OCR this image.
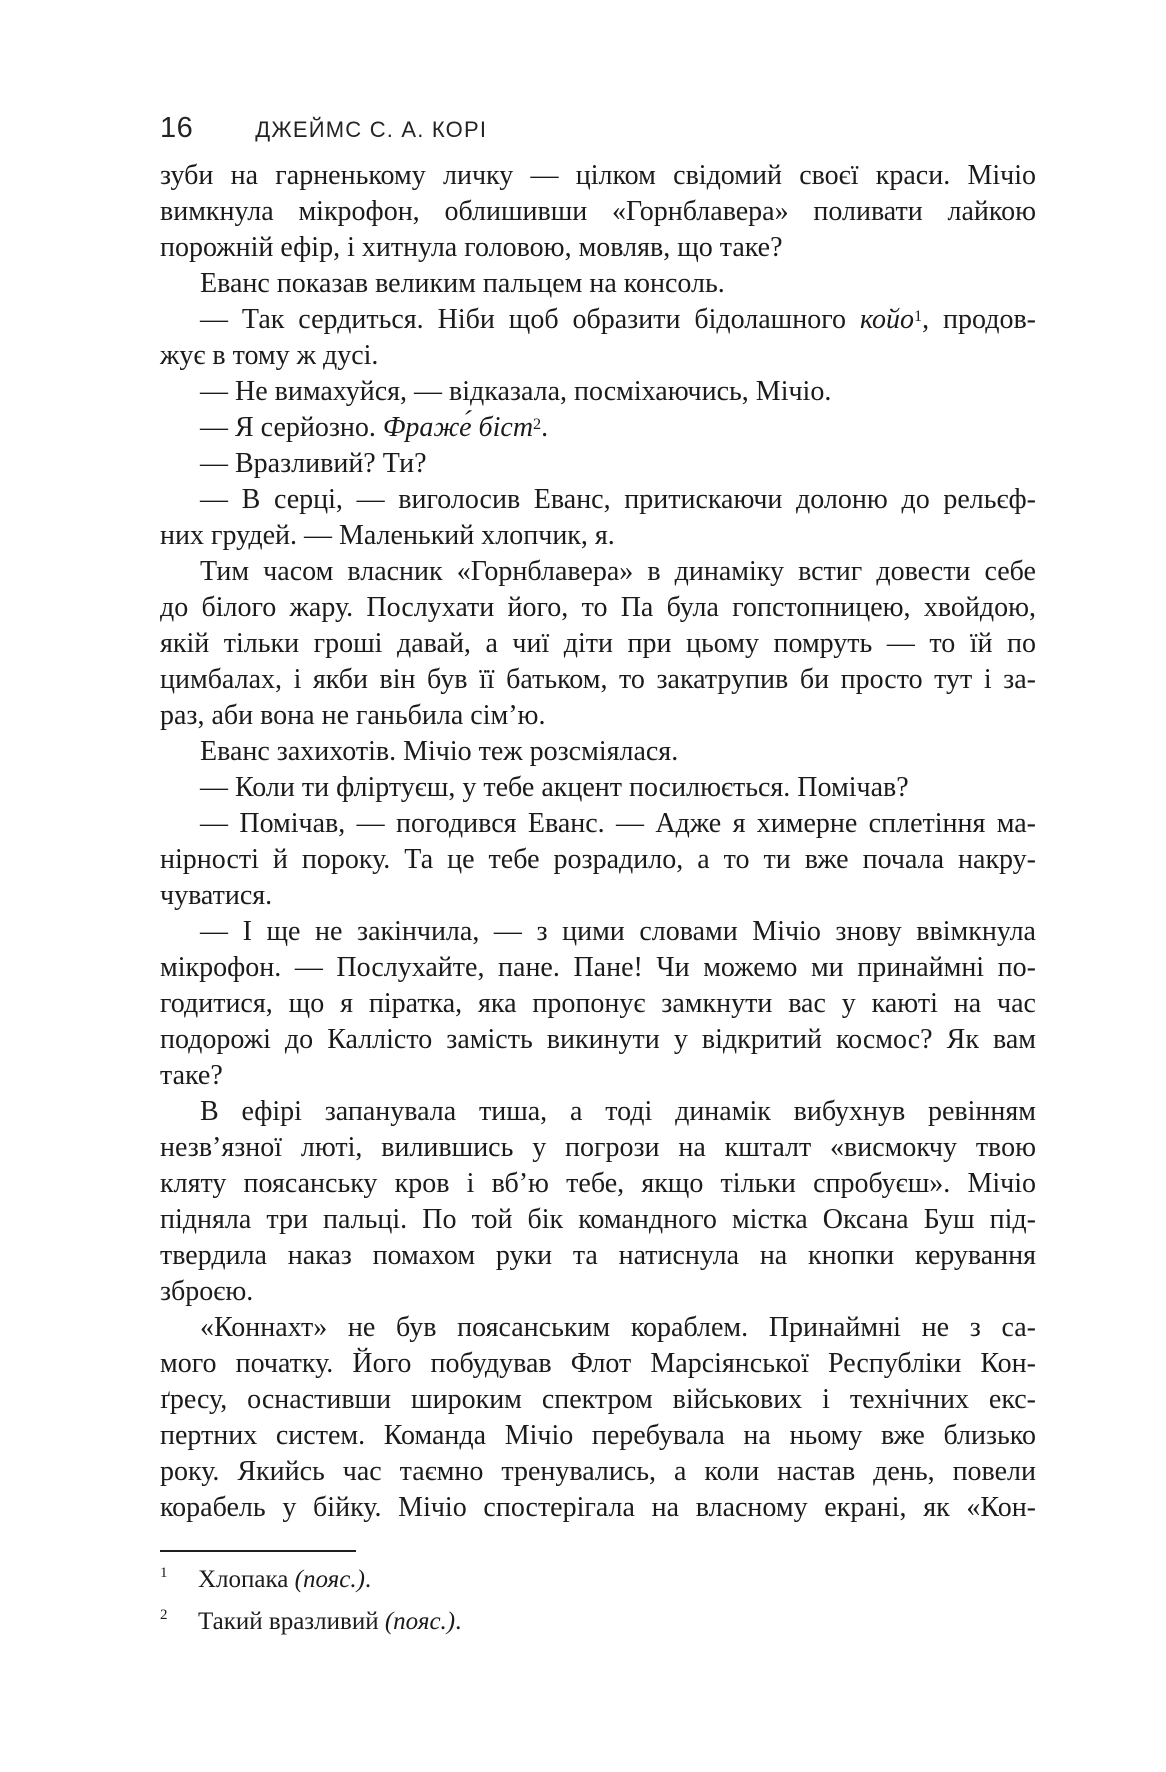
16	ДЖЕЙМС С. А. КОРІ
зуби на гарненькому личку — цілком свідомий своєї краси. Мічіо
вимкнула мікрофон, облишивши «Горнблавера» поливати лайкою
порожній ефір, і хитнула головою, мовляв, що таке?
Еванс показав великим пальцем на консоль.
— Так сердиться. Ніби щоб образити бідолашного койо$^1$, продов-
жує в тому ж дусі.
— Не вимахуйся, — відказала, посміхаючись, Мічіо.
— Я серйозно. Фраже́ біст$^2$.
— Вразливий? Ти?
— В серці, — виголосив Еванс, притискаючи долоню до рельєф-
них грудей. — Маленький хлопчик, я.
Тим часом власник «Горнблавера» в динаміку встиг довести себе
до білого жару. Послухати його, то Па була гопстопницею, хвойдою,
якій тільки гроші давай, а чиї діти при цьому помруть — то їй по
цимбалах, і якби він був її батьком, то закатрупив би просто тут і за-
раз, аби вона не ганьбила сім’ю.
Еванс захихотів. Мічіо теж розсміялася.
— Коли ти фліртуєш, у тебе акцент посилюється. Помічав?
— Помічав, — погодився Еванс. — Адже я химерне сплетіння ма-
нірності й пороку. Та це тебе розрадило, а то ти вже почала накру-
чуватися.
— І ще не закінчила, — з цими словами Мічіо знову ввімкнула
мікрофон. — Послухайте, пане. Пане! Чи можемо ми принаймні по-
годитися, що я піратка, яка пропонує замкнути вас у каюті на час
подорожі до Каллісто замість викинути у відкритий космос? Як вам
таке?
В ефірі запанувала тиша, а тоді динамік вибухнув ревінням
незв’язної люті, вилившись у погрози на кшталт «висмокчу твою
кляту поясанську кров і вб’ю тебе, якщо тільки спробуєш». Мічіо
підняла три пальці. По той бік командного містка Оксана Буш під-
твердила наказ помахом руки та натиснула на кнопки керування
зброєю.
«Коннахт» не був поясанським кораблем. Принаймні не з са-
мого початку. Його побудував Флот Марсіянської Республіки Кон-
ґресу, оснастивши широким спектром військових і технічних екс-
пертних систем. Команда Мічіо перебувала на ньому вже близько
року. Якийсь час таємно тренувались, а коли настав день, повели
корабель у бійку. Мічіо спостерігала на власному екрані, як «Кон-
1	Хлопака (пояс.).
2	Такий вразливий (пояс.).
